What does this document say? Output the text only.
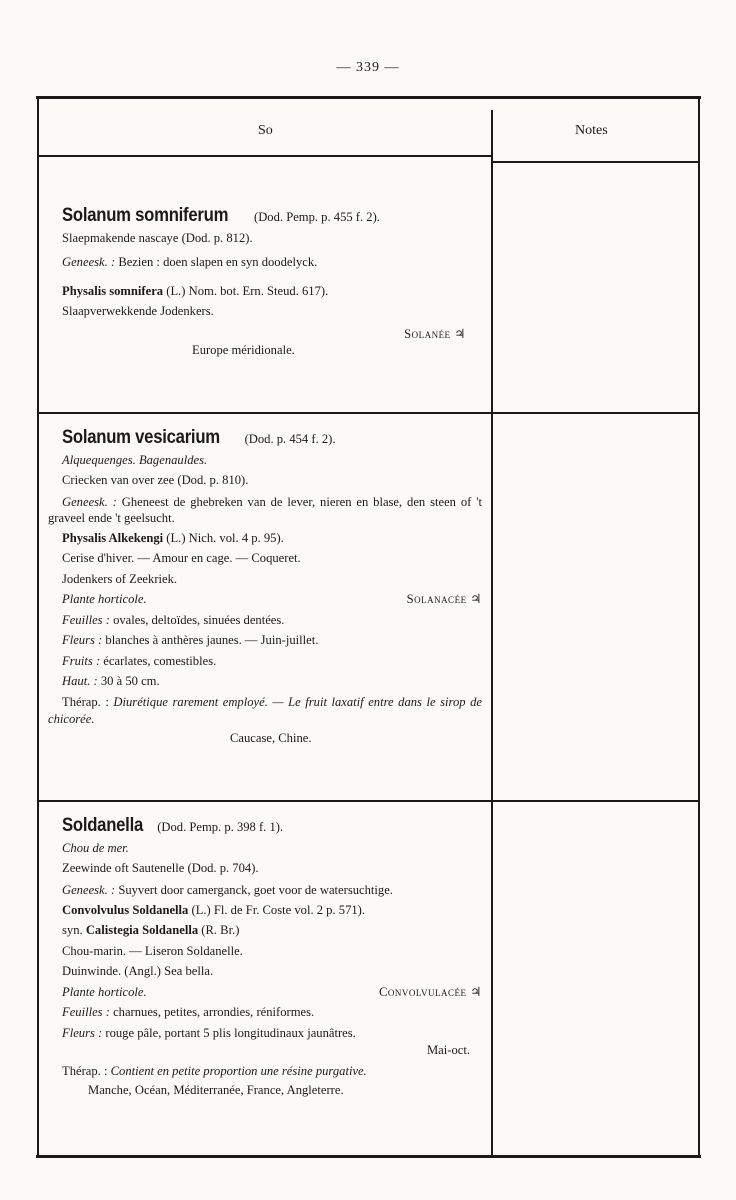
— 339 —
So	Notes
Solanum somniferum (Dod. Pemp. p. 455 f. 2).
Slaepmakende nascaye (Dod. p. 812).
Geneesk. : Bezien : doen slapen en syn doodelyck.
Physalis somnifera (L.) Nom. bot. Ern. Steud. 617).
Slaapverwekkende Jodenkers.
Solanée ♃
Europe méridionale.
Solanum vesicarium (Dod. p. 454 f. 2).
Alquequenges. Bagenauldes.
Criecken van over zee (Dod. p. 810).
Geneesk. : Gheneest de ghebreken van de lever, nieren en blase, den steen of 't graveel ende 't geelsucht.
Physalis Alkekengi (L.) Nich. vol. 4 p. 95).
Cerise d'hiver. — Amour en cage. — Coqueret.
Jodenkers of Zeekriek.
Plante horticole.	Solanacée ♃
Feuilles : ovales, deltoïdes, sinuées dentées.
Fleurs : blanches à anthères jaunes. — Juin-juillet.
Fruits : écarlates, comestibles.
Haut. : 30 à 50 cm.
Thérap. : Diurétique rarement employé. — Le fruit laxatif entre dans le sirop de chicorée.
Caucase, Chine.
Soldanella (Dod. Pemp. p. 398 f. 1).
Chou de mer.
Zeewinde oft Sautenelle (Dod. p. 704).
Geneesk. : Suyvert door camerganck, goet voor de watersuchtige.
Convolvulus Soldanella (L.) Fl. de Fr. Coste vol. 2 p. 571).
syn. Calistegia Soldanella (R. Br.)
Chou-marin. — Liseron Soldanelle.
Duinwinde. (Angl.) Sea bella.
Plante horticole.	Convolvulacée ♃
Feuilles : charnues, petites, arrondies, réniformes.
Fleurs : rouge pâle, portant 5 plis longitudinaux jaunâtres.
Mai-oct.
Thérap. : Contient en petite proportion une résine purgative.
Manche, Océan, Méditerranée, France, Angleterre.
